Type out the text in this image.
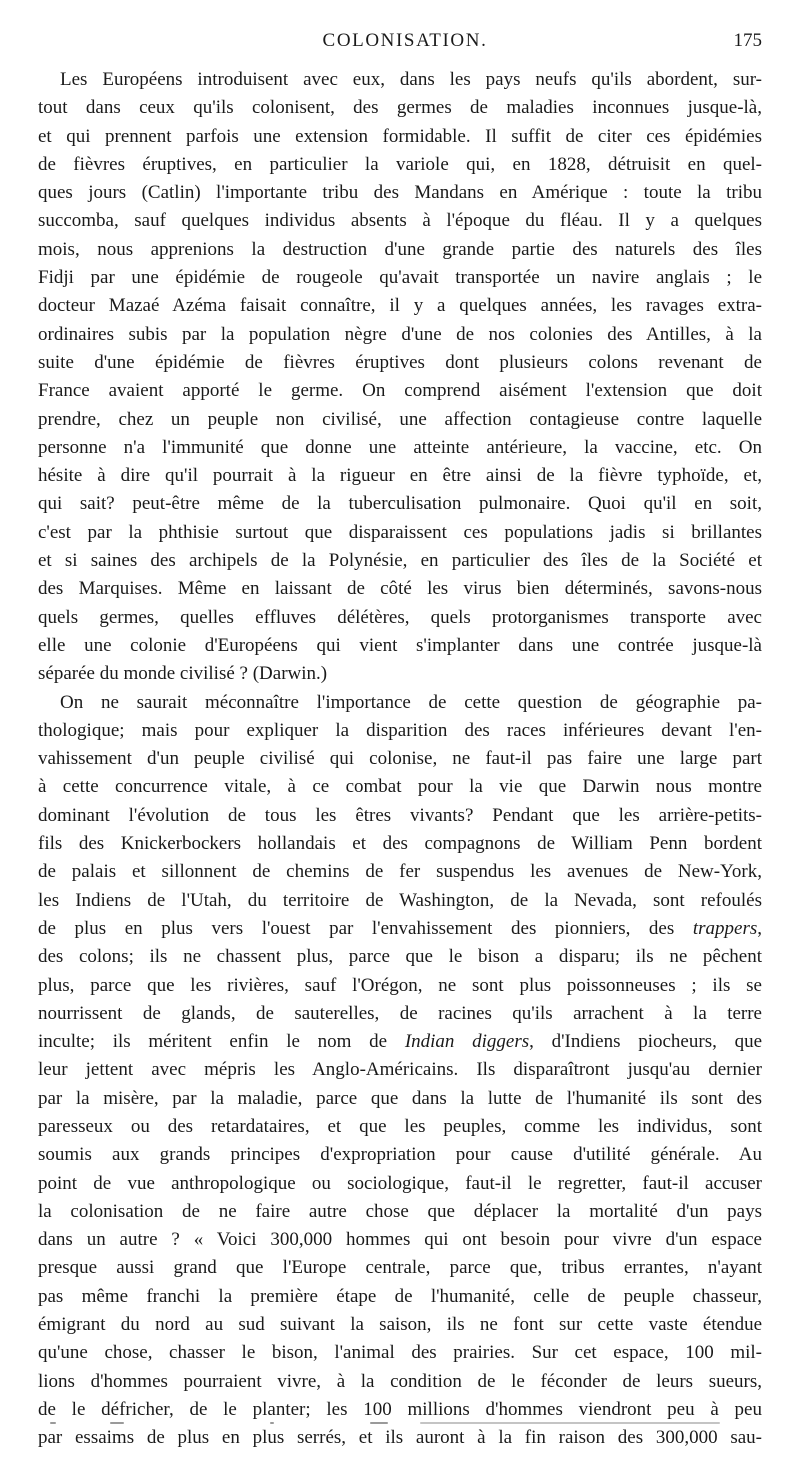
COLONISATION.	175
Les Européens introduisent avec eux, dans les pays neufs qu'ils abordent, sur-
tout dans ceux qu'ils colonisent, des germes de maladies inconnues jusque-là,
et qui prennent parfois une extension formidable. Il suffit de citer ces épidémies
de fièvres éruptives, en particulier la variole qui, en 1828, détruisit en quel-
ques jours (Catlin) l'importante tribu des Mandans en Amérique : toute la tribu
succomba, sauf quelques individus absents à l'époque du fléau. Il y a quelques
mois, nous apprenions la destruction d'une grande partie des naturels des îles
Fidji par une épidémie de rougeole qu'avait transportée un navire anglais ; le
docteur Mazaé Azéma faisait connaître, il y a quelques années, les ravages extra-
ordinaires subis par la population nègre d'une de nos colonies des Antilles, à la
suite d'une épidémie de fièvres éruptives dont plusieurs colons revenant de
France avaient apporté le germe. On comprend aisément l'extension que doit
prendre, chez un peuple non civilisé, une affection contagieuse contre laquelle
personne n'a l'immunité que donne une atteinte antérieure, la vaccine, etc. On
hésite à dire qu'il pourrait à la rigueur en être ainsi de la fièvre typhoïde, et,
qui sait? peut-être même de la tuberculisation pulmonaire. Quoi qu'il en soit,
c'est par la phthisie surtout que disparaissent ces populations jadis si brillantes
et si saines des archipels de la Polynésie, en particulier des îles de la Société et
des Marquises. Même en laissant de côté les virus bien déterminés, savons-nous
quels germes, quelles effluves délétères, quels protorganismes transporte avec
elle une colonie d'Européens qui vient s'implanter dans une contrée jusque-là
séparée du monde civilisé ? (Darwin.)
On ne saurait méconnaître l'importance de cette question de géographie pa-
thologique; mais pour expliquer la disparition des races inférieures devant l'en-
vahissement d'un peuple civilisé qui colonise, ne faut-il pas faire une large part
à cette concurrence vitale, à ce combat pour la vie que Darwin nous montre
dominant l'évolution de tous les êtres vivants? Pendant que les arrière-petits-
fils des Knickerbockers hollandais et des compagnons de William Penn bordent
de palais et sillonnent de chemins de fer suspendus les avenues de New-York,
les Indiens de l'Utah, du territoire de Washington, de la Nevada, sont refoulés
de plus en plus vers l'ouest par l'envahissement des pionniers, des trappers,
des colons; ils ne chassent plus, parce que le bison a disparu; ils ne pêchent
plus, parce que les rivières, sauf l'Orégon, ne sont plus poissonneuses ; ils se
nourrissent de glands, de sauterelles, de racines qu'ils arrachent à la terre
inculte; ils méritent enfin le nom de Indian diggers, d'Indiens piocheurs, que
leur jettent avec mépris les Anglo-Américains. Ils disparaîtront jusqu'au dernier
par la misère, par la maladie, parce que dans la lutte de l'humanité ils sont des
paresseux ou des retardataires, et que les peuples, comme les individus, sont
soumis aux grands principes d'expropriation pour cause d'utilité générale. Au
point de vue anthropologique ou sociologique, faut-il le regretter, faut-il accuser
la colonisation de ne faire autre chose que déplacer la mortalité d'un pays
dans un autre ? « Voici 300,000 hommes qui ont besoin pour vivre d'un espace
presque aussi grand que l'Europe centrale, parce que, tribus errantes, n'ayant
pas même franchi la première étape de l'humanité, celle de peuple chasseur,
émigrant du nord au sud suivant la saison, ils ne font sur cette vaste étendue
qu'une chose, chasser le bison, l'animal des prairies. Sur cet espace, 100 mil-
lions d'hommes pourraient vivre, à la condition de le féconder de leurs sueurs,
de le défricher, de le planter; les 100 millions d'hommes viendront peu à peu
par essaims de plus en plus serrés, et ils auront à la fin raison des 300,000 sau-
